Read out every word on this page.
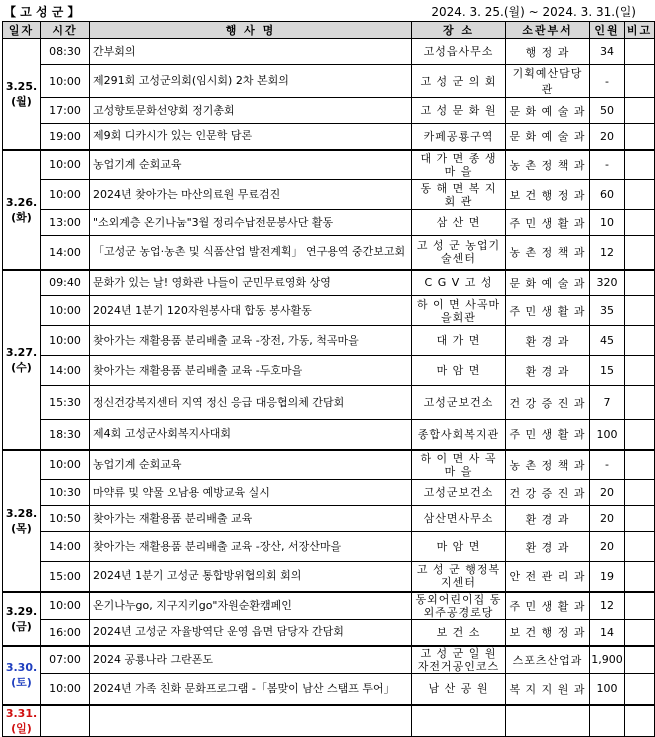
【 고 성 군 】	2024. 3. 25.(월) ~ 2024. 3. 31.(일)
일자	시간	행 사 명	장 소	소관부서	인원	비고

3.25.
(월)	08:30	간부회의	고성읍사무소	행 정 과	34	
	10:00	제291회 고성군의회(임시회) 2차 본회의	고 성 군 의 회	기획예산담당관	-	
	17:00	고성향토문화선양회 정기총회	고 성 문 화 원	문 화 예 술 과	50	
	19:00	제9회 디카시가 있는 인문학 담론	카페공룡구역	문 화 예 술 과	20	

3.26.
(화)	10:00	농업기계 순회교육	대 가 면 종 생 마 을	농 촌 정 책 과	-	
	10:00	2024년 찾아가는 마산의료원 무료검진	동 해 면 복 지 회 관	보 건 행 정 과	60	
	13:00	"소외계층 온기나눔"3월 정리수납전문봉사단 활동	삼 산 면	주 민 생 활 과	10	
	14:00	「고성군 농업·농촌 및 식품산업 발전계획」 연구용역 중간보고회	고 성 군 농업기술센터	농 촌 정 책 과	12	

3.27.
(수)	09:40	문화가 있는 날! 영화관 나들이 군민무료영화 상영	C G V 고 성	문 화 예 술 과	320	
	10:00	2024년 1분기 120자원봉사대 합동 봉사활동	하 이 면 사곡마을회관	주 민 생 활 과	35	
	10:00	찾아가는 재활용품 분리배출 교육 -장전, 가동, 척곡마을	대 가 면	환 경 과	45	
	14:00	찾아가는 재활용품 분리배출 교육 -두호마을	마 암 면	환 경 과	15	
	15:30	정신건강복지센터 지역 정신 응급 대응협의체 간담회	고성군보건소	건 강 증 진 과	7	
	18:30	제4회 고성군사회복지사대회	종합사회복지관	주 민 생 활 과	100	

3.28.
(목)	10:00	농업기계 순회교육	하 이 면 사 곡 마 을	농 촌 정 책 과	-	
	10:30	마약류 및 약물 오남용 예방교육 실시	고성군보건소	건 강 증 진 과	20	
	10:50	찾아가는 재활용품 분리배출 교육	삼산면사무소	환 경 과	20	
	14:00	찾아가는 재활용품 분리배출 교육 -장산, 서장산마을	마 암 면	환 경 과	20	
	15:00	2024년 1분기 고성군 통합방위협의회 회의	고 성 군 행정복지센터	안 전 관 리 과	19	

3.29.
(금)	10:00	온기나누go, 지구지키go"자원순환캠페인	동외어린이집 동외주공경로당	주 민 생 활 과	12	
	16:00	2024년 고성군 자율방역단 운영 읍면 담당자 간담회	보 건 소	보 건 행 정 과	14	

3.30.
(토)	07:00	2024 공룡나라 그란폰도	고 성 군 일 원 자전거공인코스	스포츠산업과	1,900	
	10:00	2024년 가족 친화 문화프로그램 -「봄맞이 남산 스탬프 투어」	남 산 공 원	복 지 지 원 과	100	

3.31.
(일)						
